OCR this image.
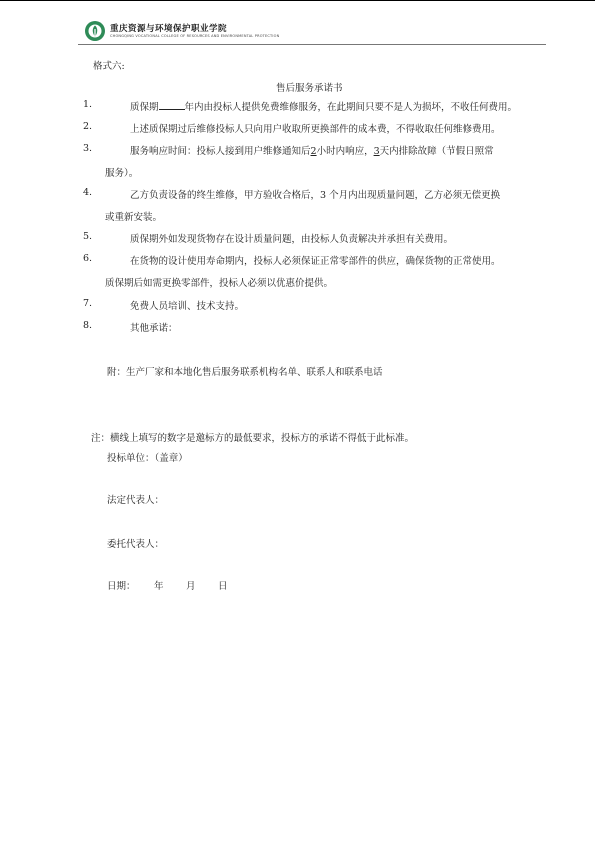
重庆资源与环境保护职业学院
CHONGQING VOCATIONAL COLLEGE OF RESOURCES AND ENVIRONMENTAL PROTECTION
格式六:
售后服务承诺书
1.	质保期	年内由投标人提供免费维修服务，在此期间只要不是人为损坏，不收任何费用。
2.	上述质保期过后维修投标人只向用户收取所更换部件的成本费，不得收取任何维修费用。
3.	服务响应时间：投标人接到用户维修通知后2小时内响应，3天内排除故障（节假日照常
服务）。
4.	乙方负责设备的终生维修，甲方验收合格后，3 个月内出现质量问题，乙方必须无偿更换
或重新安装。
5.	质保期外如发现货物存在设计质量问题，由投标人负责解决并承担有关费用。
6.	在货物的设计使用寿命期内，投标人必须保证正常零部件的供应，确保货物的正常使用。
质保期后如需更换零部件，投标人必须以优惠价提供。
7.	免费人员培训、技术支持。
8.	其他承诺：
附：生产厂家和本地化售后服务联系机构名单、联系人和联系电话
注：横线上填写的数字是邀标方的最低要求，投标方的承诺不得低于此标准。
投标单位：（盖章）
法定代表人：
委托代表人：
日期： 年 月 日
